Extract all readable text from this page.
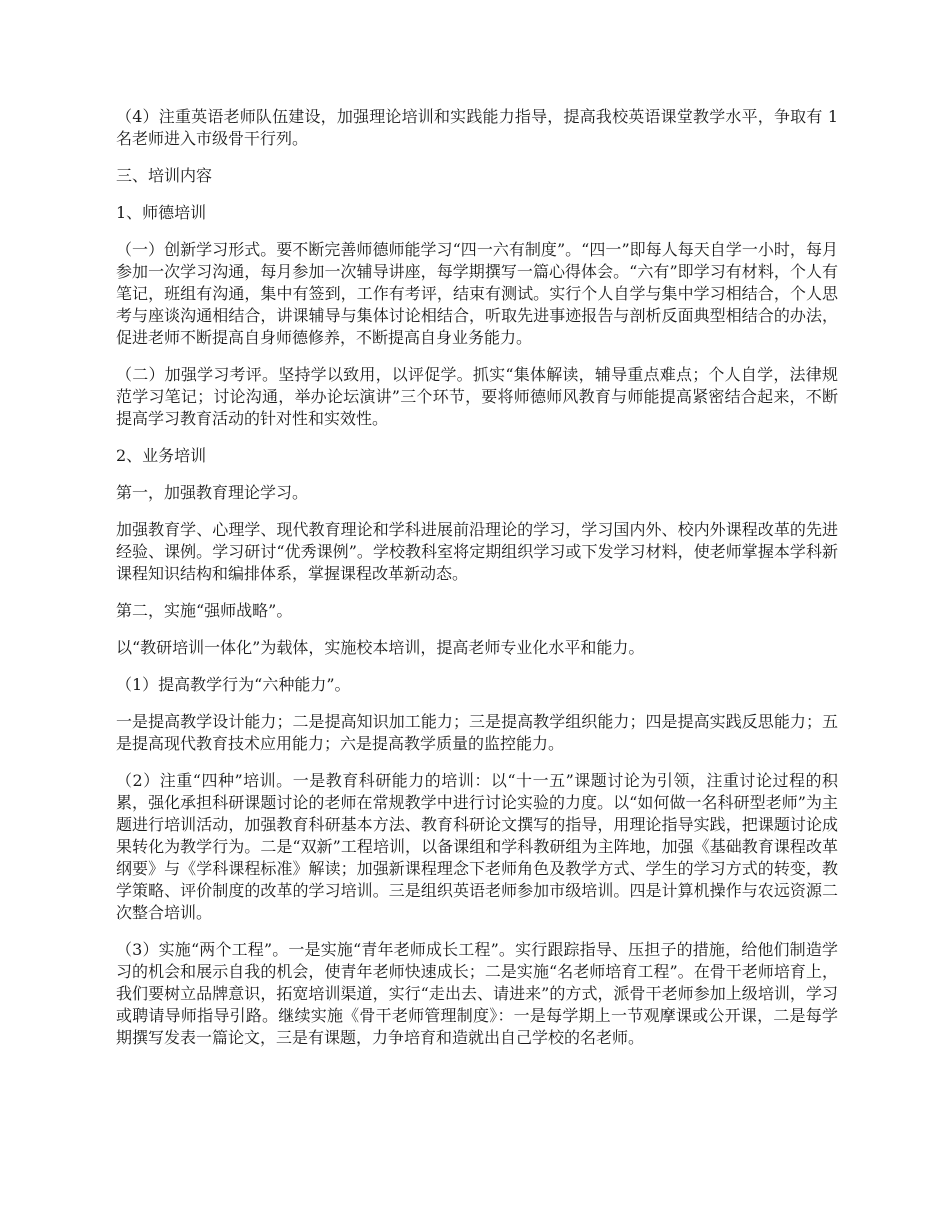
（4）注重英语老师队伍建设，加强理论培训和实践能力指导，提高我校英语课堂教学水平，争取有 1 名老师进入市级骨干行列。

三、培训内容

1、师德培训

（一）创新学习形式。要不断完善师德师能学习“四一六有制度”。“四一”即每人每天自学一小时，每月参加一次学习沟通，每月参加一次辅导讲座，每学期撰写一篇心得体会。“六有”即学习有材料，个人有笔记，班组有沟通，集中有签到，工作有考评，结束有测试。实行个人自学与集中学习相结合，个人思考与座谈沟通相结合，讲课辅导与集体讨论相结合，听取先进事迹报告与剖析反面典型相结合的办法，促进老师不断提高自身师德修养，不断提高自身业务能力。

（二）加强学习考评。坚持学以致用，以评促学。抓实“集体解读，辅导重点难点；个人自学，法律规范学习笔记；讨论沟通，举办论坛演讲”三个环节，要将师德师风教育与师能提高紧密结合起来，不断提高学习教育活动的针对性和实效性。

2、业务培训

第一，加强教育理论学习。

加强教育学、心理学、现代教育理论和学科进展前沿理论的学习，学习国内外、校内外课程改革的先进经验、课例。学习研讨“优秀课例”。学校教科室将定期组织学习或下发学习材料，使老师掌握本学科新课程知识结构和编排体系，掌握课程改革新动态。

第二，实施“强师战略”。

以“教研培训一体化”为载体，实施校本培训，提高老师专业化水平和能力。

（1）提高教学行为“六种能力”。

一是提高教学设计能力；二是提高知识加工能力；三是提高教学组织能力；四是提高实践反思能力；五是提高现代教育技术应用能力；六是提高教学质量的监控能力。

（2）注重“四种”培训。一是教育科研能力的培训：以“十一五”课题讨论为引领，注重讨论过程的积累，强化承担科研课题讨论的老师在常规教学中进行讨论实验的力度。以“如何做一名科研型老师”为主题进行培训活动，加强教育科研基本方法、教育科研论文撰写的指导，用理论指导实践，把课题讨论成果转化为教学行为。二是“双新”工程培训，以备课组和学科教研组为主阵地，加强《基础教育课程改革纲要》与《学科课程标准》解读；加强新课程理念下老师角色及教学方式、学生的学习方式的转变，教学策略、评价制度的改革的学习培训。三是组织英语老师参加市级培训。四是计算机操作与农远资源二次整合培训。

（3）实施“两个工程”。一是实施“青年老师成长工程”。实行跟踪指导、压担子的措施，给他们制造学习的机会和展示自我的机会，使青年老师快速成长；二是实施“名老师培育工程”。在骨干老师培育上，我们要树立品牌意识，拓宽培训渠道，实行“走出去、请进来”的方式，派骨干老师参加上级培训，学习或聘请导师指导引路。继续实施《骨干老师管理制度》：一是每学期上一节观摩课或公开课，二是每学期撰写发表一篇论文，三是有课题，力争培育和造就出自己学校的名老师。
